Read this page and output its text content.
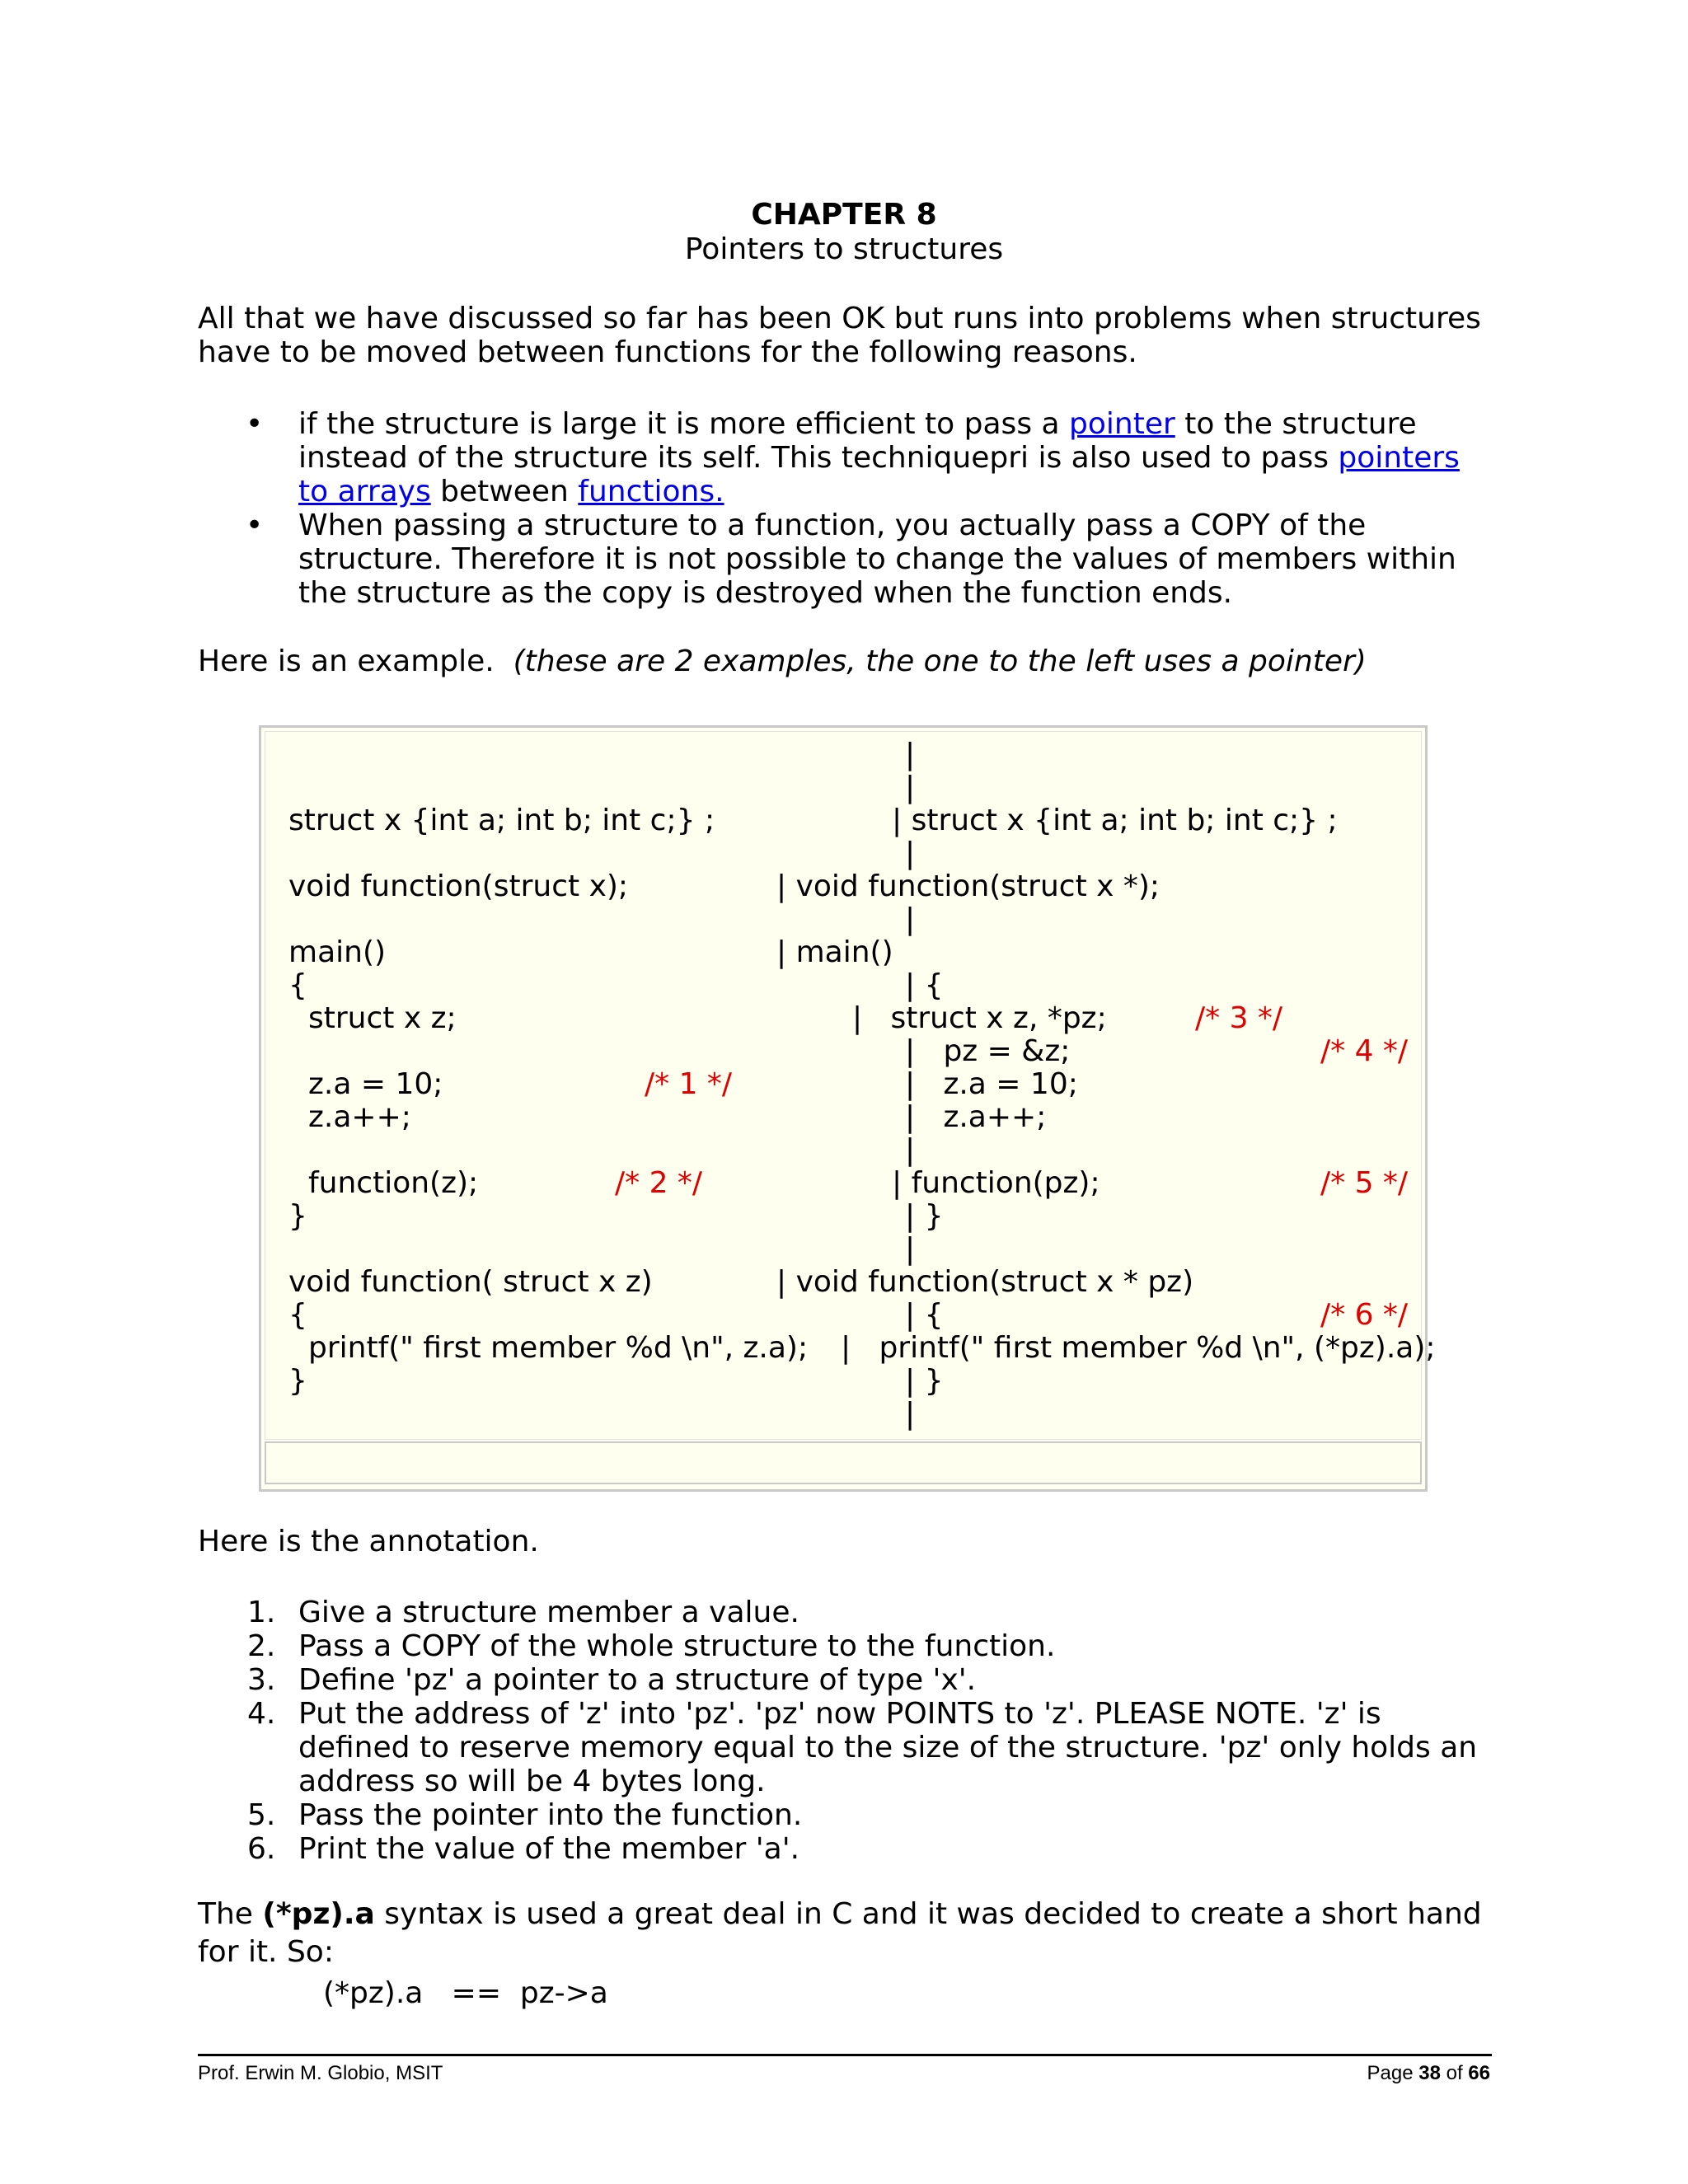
CHAPTER 8
Pointers to structures
All that we have discussed so far has been OK but runs into problems when structures have to be moved between functions for the following reasons.
• if the structure is large it is more efficient to pass a pointer to the structure instead of the structure its self. This techniquepri is also used to pass pointers to arrays between functions.
• When passing a structure to a function, you actually pass a COPY of the structure. Therefore it is not possible to change the values of members within the structure as the copy is destroyed when the function ends.
Here is an example. (these are 2 examples, the one to the left uses a pointer)
|
|
struct x {int a; int b; int c;} ;	| struct x {int a; int b; int c;} ;
|
void function(struct x);	| void function(struct x *);
|
main()	| main()
{	| {
struct x z;	|   struct x z, *pz;	/* 3 */
|   pz = &z;	/* 4 */
z.a = 10;	/* 1 */	|   z.a = 10;
z.a++;	|   z.a++;
|
function(z);	/* 2 */	| function(pz);	/* 5 */
}	| }
|
void function( struct x z)	| void function(struct x * pz)
{	| {	/* 6 */
printf(" first member %d \n", z.a); |   printf(" first member %d \n", (*pz).a);
}	| }
|
Here is the annotation.
1. Give a structure member a value.
2. Pass a COPY of the whole structure to the function.
3. Define 'pz' a pointer to a structure of type 'x'.
4. Put the address of 'z' into 'pz'. 'pz' now POINTS to 'z'. PLEASE NOTE. 'z' is defined to reserve memory equal to the size of the structure. 'pz' only holds an address so will be 4 bytes long.
5. Pass the pointer into the function.
6. Print the value of the member 'a'.
The (*pz).a syntax is used a great deal in C and it was decided to create a short hand for it. So:
(*pz).a   ==  pz->a
Prof. Erwin M. Globio, MSIT	Page 38 of 66
